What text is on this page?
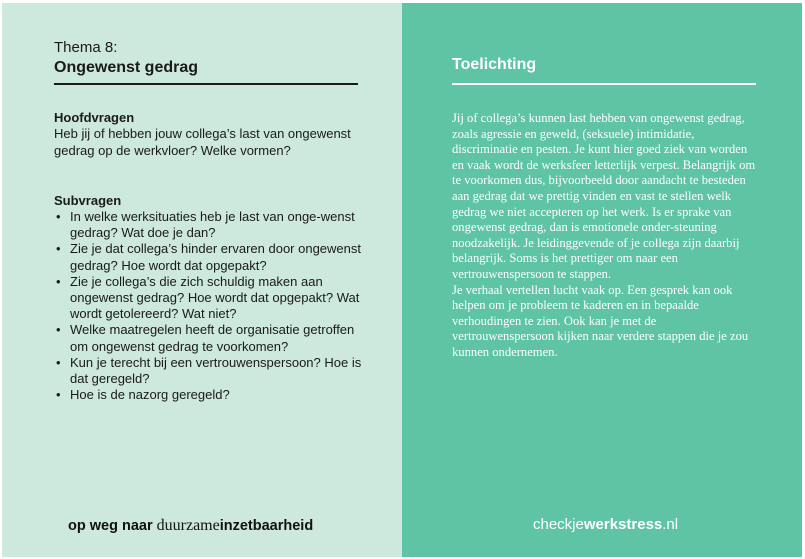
Thema 8:
Ongewenst gedrag
Hoofdvragen
Heb jij of hebben jouw collega’s last van ongewenst gedrag op de werkvloer? Welke vormen?
Subvragen
• In welke werksituaties heb je last van onge-wenst gedrag? Wat doe je dan?
• Zie je dat collega’s hinder ervaren door ongewenst gedrag? Hoe wordt dat opgepakt?
• Zie je collega’s die zich schuldig maken aan ongewenst gedrag? Hoe wordt dat opgepakt? Wat wordt getolereerd? Wat niet?
• Welke maatregelen heeft de organisatie getroffen om ongewenst gedrag te voorkomen?
• Kun je terecht bij een vertrouwenspersoon? Hoe is dat geregeld?
• Hoe is de nazorg geregeld?
op weg naar duurzameinzetbaarheid
Toelichting
Jij of collega’s kunnen last hebben van ongewenst gedrag, zoals agressie en geweld, (seksuele) intimidatie, discriminatie en pesten. Je kunt hier goed ziek van worden en vaak wordt de werksfeer letterlijk verpest. Belangrijk om te voorkomen dus, bijvoorbeeld door aandacht te besteden aan gedrag dat we prettig vinden en vast te stellen welk gedrag we niet accepteren op het werk. Is er sprake van ongewenst gedrag, dan is emotionele onder-steuning noodzakelijk. Je leidinggevende of je collega zijn daarbij belangrijk. Soms is het prettiger om naar een vertrouwenspersoon te stappen.
Je verhaal vertellen lucht vaak op. Een gesprek kan ook helpen om je probleem te kaderen en in bepaalde verhoudingen te zien. Ook kan je met de vertrouwenspersoon kijken naar verdere stappen die je zou kunnen ondernemen.
checkjewerkstress.nl
